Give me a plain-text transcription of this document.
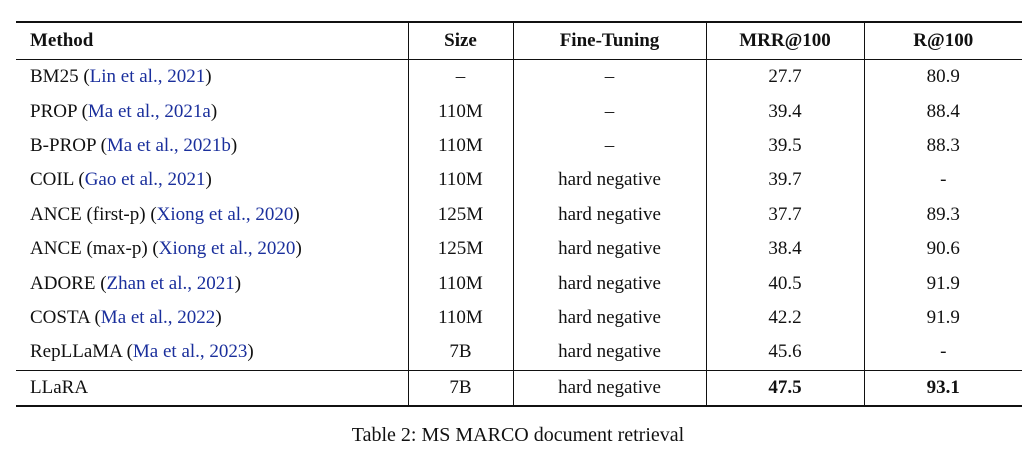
Method	Size	Fine-Tuning	MRR@100	R@100
BM25 (Lin et al., 2021)	–	–	27.7	80.9
PROP (Ma et al., 2021a)	110M	–	39.4	88.4
B-PROP (Ma et al., 2021b)	110M	–	39.5	88.3
COIL (Gao et al., 2021)	110M	hard negative	39.7	-
ANCE (first-p) (Xiong et al., 2020)	125M	hard negative	37.7	89.3
ANCE (max-p) (Xiong et al., 2020)	125M	hard negative	38.4	90.6
ADORE (Zhan et al., 2021)	110M	hard negative	40.5	91.9
COSTA (Ma et al., 2022)	110M	hard negative	42.2	91.9
RepLLaMA (Ma et al., 2023)	7B	hard negative	45.6	-
LLaRA	7B	hard negative	47.5	93.1
Table 2: MS MARCO document retrieval
